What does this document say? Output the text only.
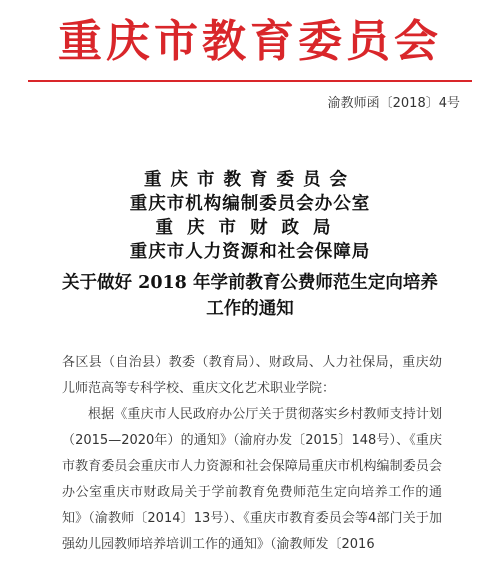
重庆市教育委员会
渝教师函〔2018〕4号
重庆市教育委员会
重庆市机构编制委员会办公室
重庆市财政局
重庆市人力资源和社会保障局
关于做好 2018 年学前教育公费师范生定向培养
工作的通知

各区县（自治县）教委（教育局）、财政局、人力社保局，重庆幼儿师范高等专科学校、重庆文化艺术职业学院：

根据《重庆市人民政府办公厅关于贯彻落实乡村教师支持计划（2015—2020年）的通知》（渝府办发〔2015〕148号）、《重庆市教育委员会重庆市人力资源和社会保障局重庆市机构编制委员会办公室重庆市财政局关于学前教育免费师范生定向培养工作的通知》（渝教师〔2014〕13号）、《重庆市教育委员会等4部门关于加强幼儿园教师培养培训工作的通知》（渝教师发〔2016
